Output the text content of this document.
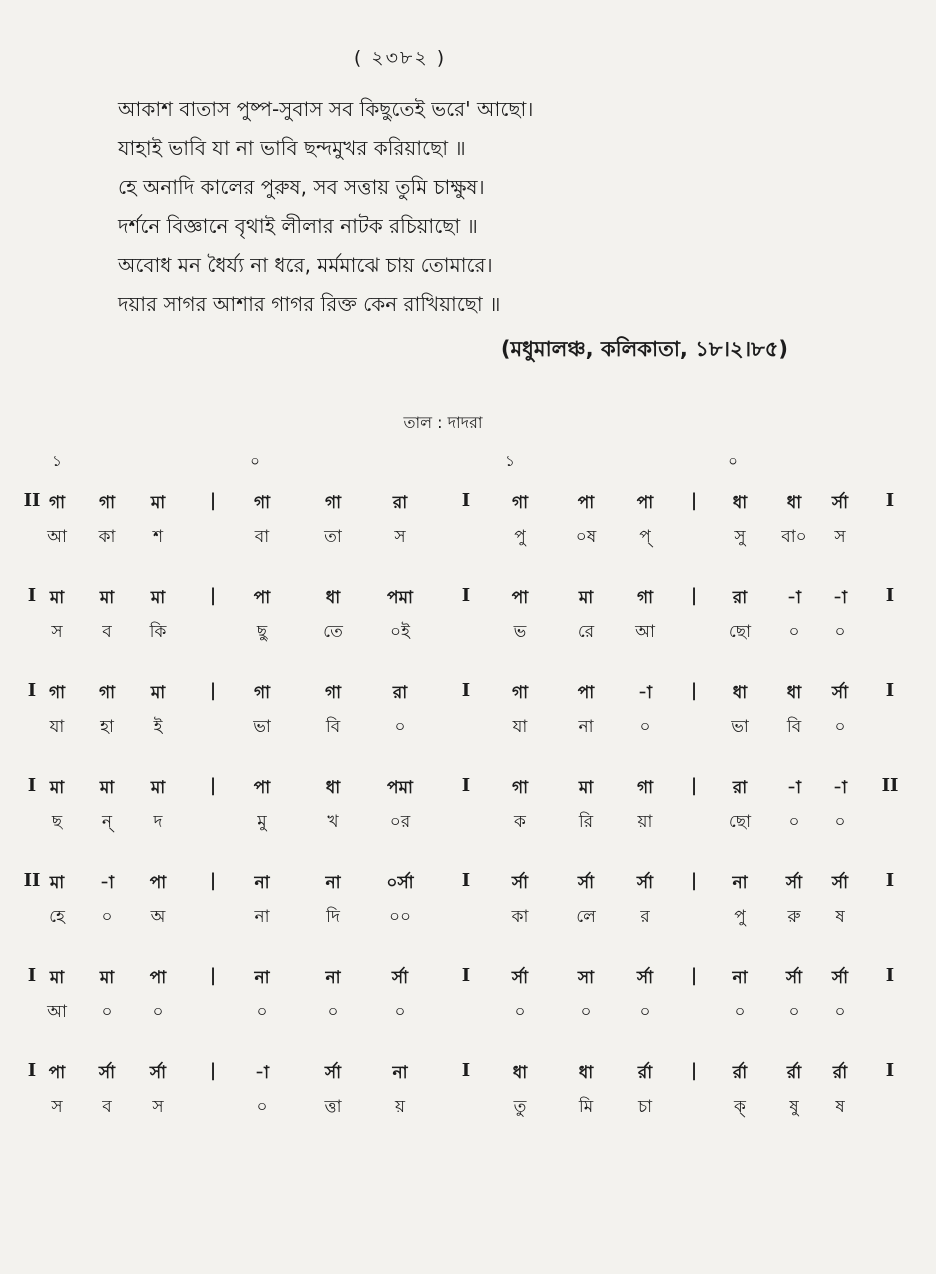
( ২৩৮২ )
আকাশ বাতাস পুষ্প-সুবাস সব কিছুতেই ভরে' আছো।
যাহাই ভাবি যা না ভাবি ছন্দমুখর করিয়াছো ॥
হে অনাদি কালের পুরুষ, সব সত্তায় তুমি চাক্ষুষ।
দর্শনে বিজ্ঞানে বৃথাই লীলার নাটক রচিয়াছো ॥
অবোধ মন ধৈর্য্য না ধরে, মর্মমাঝে চায় তোমারে।
দয়ার সাগর আশার গাগর রিক্ত কেন রাখিয়াছো ॥
(মধুমালঞ্চ, কলিকাতা, ১৮।২।৮৫)
তাল : দাদরা
১	০	১	০
II গা গা মা | গা	গা	রা	I গা	পা	পা | ধা ধা র্সা I
আ কা শ	বা	তা	স	পু	০ষ	প্	সু বা০ স
I মা মা মা | পা	ধা	পমা	I পা	মা	গা | রা -া -া I
স ব কি	ছু	তে	০ই	ভ	রে আ	ছো ০ ০
I গা গা মা | গা	গা	রা	I গা	পা	-া | ধা ধা র্সা I
যা হা ই	ভা	বি	০	যা	না	০	ভা বি ০
I মা মা মা | পা	ধা	পমা	I গা	মা	গা | রা -া -া II
ছ ন্ দ	মু	খ	০র	ক	রি	য়া	ছো ০ ০
II মা -া পা | না	না	০র্সা	I র্সা	র্সা	র্সা | না র্সা র্সা I
হে ০ অ	না	দি	০০	কা	লে	র	পু রু ষ
I মা মা পা | না	না	র্সা	I র্সা	সা	র্সা | না র্সা র্সা I
আ ০ ০	০	০	০	০	০	০	০	০ ০
I পা র্সা র্সা | -া	র্সা	না	I	ধা	ধা	র্রা | র্রা র্রা র্রা I
স ব স	০	ত্তা	য়	তু	মি	চা	ক্	ষু ষ
